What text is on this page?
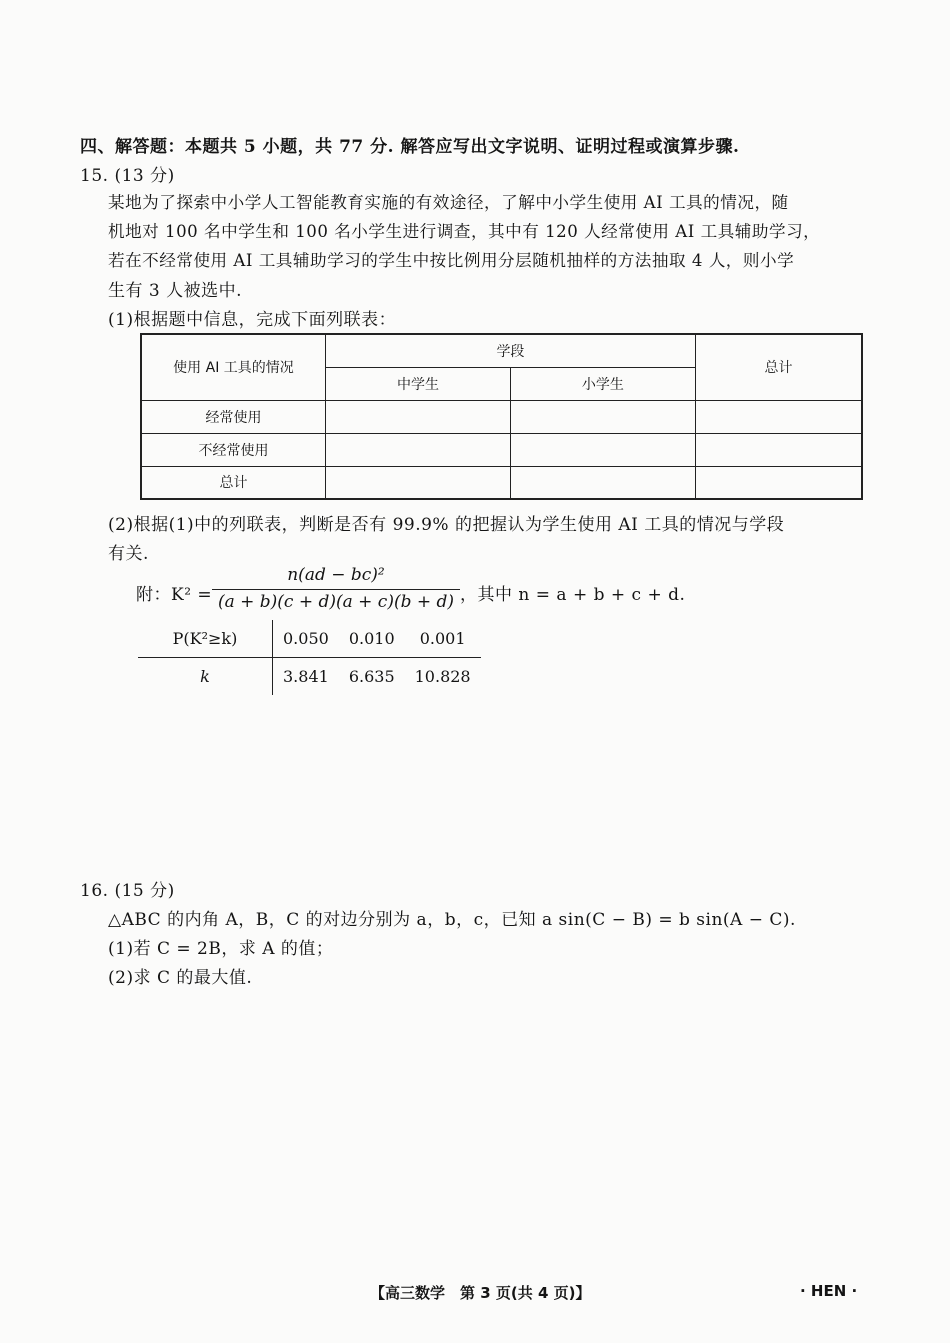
四、解答题：本题共 5 小题，共 77 分. 解答应写出文字说明、证明过程或演算步骤.
15. (13 分)
某地为了探索中小学人工智能教育实施的有效途径，了解中小学生使用 AI 工具的情况，随
机地对 100 名中学生和 100 名小学生进行调查，其中有 120 人经常使用 AI 工具辅助学习，
若在不经常使用 AI 工具辅助学习的学生中按比例用分层随机抽样的方法抽取 4 人，则小学
生有 3 人被选中.
(1)根据题中信息，完成下面列联表：
使用 AI 工具的情况	学段		总计
	中学生	小学生	
经常使用			
不经常使用			
总计			
(2)根据(1)中的列联表，判断是否有 99.9% 的把握认为学生使用 AI 工具的情况与学段
有关.
附：K² =
n(ad − bc)²
(a + b)(c + d)(a + c)(b + d) ，其中 n = a + b + c + d.
P(K²≥k)	0.050	0.010	0.001
k	3.841	6.635	10.828
16. (15 分)
△ABC 的内角 A，B，C 的对边分别为 a，b，c，已知 a sin(C − B) = b sin(A − C).
(1)若 C = 2B，求 A 的值；
(2)求 C 的最大值.
【高三数学　第 3 页(共 4 页)】	· HEN ·
